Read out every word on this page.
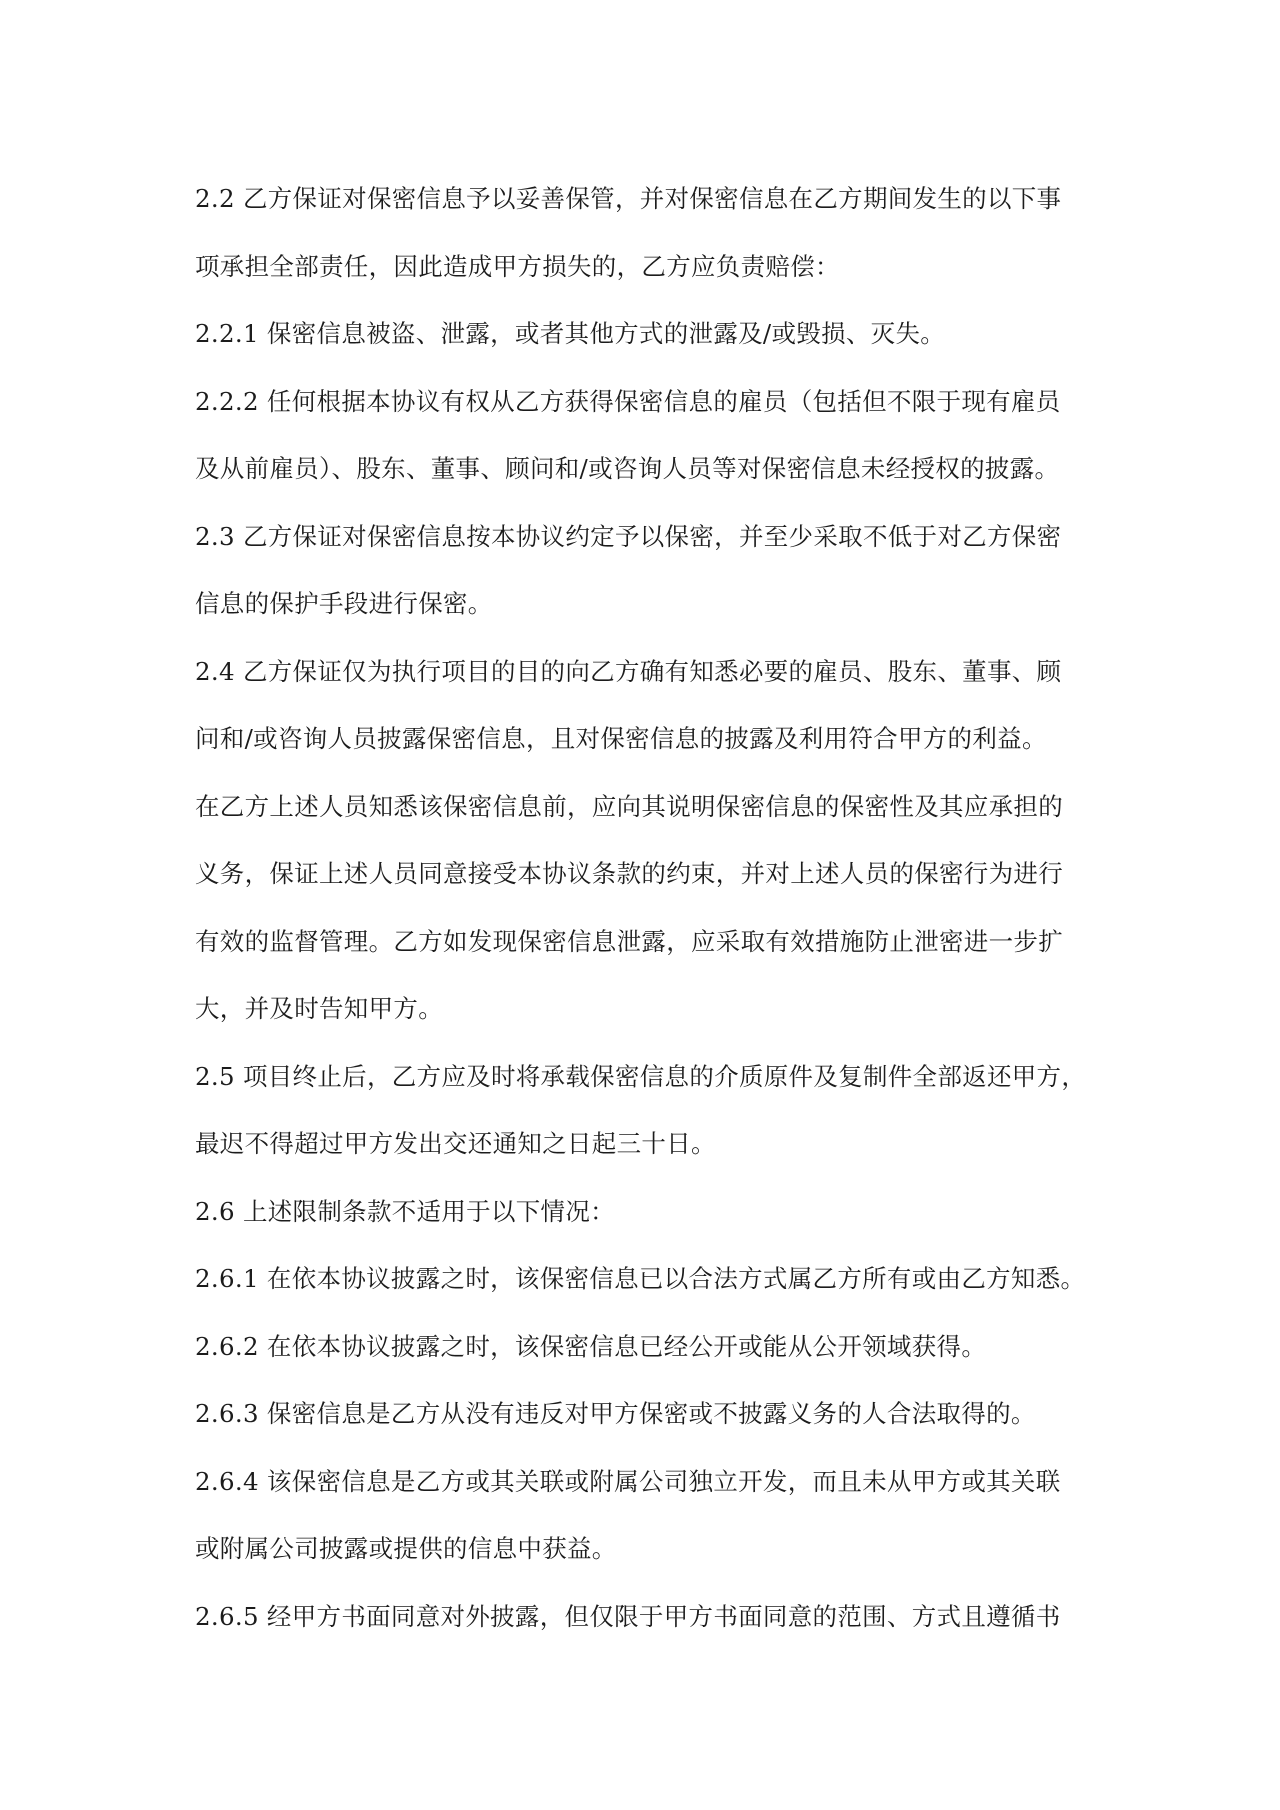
2.2 乙方保证对保密信息予以妥善保管，并对保密信息在乙方期间发生的以下事
项承担全部责任，因此造成甲方损失的，乙方应负责赔偿：
2.2.1 保密信息被盗、泄露，或者其他方式的泄露及/或毁损、灭失。
2.2.2 任何根据本协议有权从乙方获得保密信息的雇员（包括但不限于现有雇员
及从前雇员）、股东、董事、顾问和/或咨询人员等对保密信息未经授权的披露。
2.3 乙方保证对保密信息按本协议约定予以保密，并至少采取不低于对乙方保密
信息的保护手段进行保密。
2.4 乙方保证仅为执行项目的目的向乙方确有知悉必要的雇员、股东、董事、顾
问和/或咨询人员披露保密信息，且对保密信息的披露及利用符合甲方的利益。
在乙方上述人员知悉该保密信息前，应向其说明保密信息的保密性及其应承担的
义务，保证上述人员同意接受本协议条款的约束，并对上述人员的保密行为进行
有效的监督管理。乙方如发现保密信息泄露，应采取有效措施防止泄密进一步扩
大，并及时告知甲方。
2.5 项目终止后，乙方应及时将承载保密信息的介质原件及复制件全部返还甲方，
最迟不得超过甲方发出交还通知之日起三十日。
2.6 上述限制条款不适用于以下情况：
2.6.1 在依本协议披露之时，该保密信息已以合法方式属乙方所有或由乙方知悉。
2.6.2 在依本协议披露之时，该保密信息已经公开或能从公开领域获得。
2.6.3 保密信息是乙方从没有违反对甲方保密或不披露义务的人合法取得的。
2.6.4 该保密信息是乙方或其关联或附属公司独立开发，而且未从甲方或其关联
或附属公司披露或提供的信息中获益。
2.6.5 经甲方书面同意对外披露，但仅限于甲方书面同意的范围、方式且遵循书
